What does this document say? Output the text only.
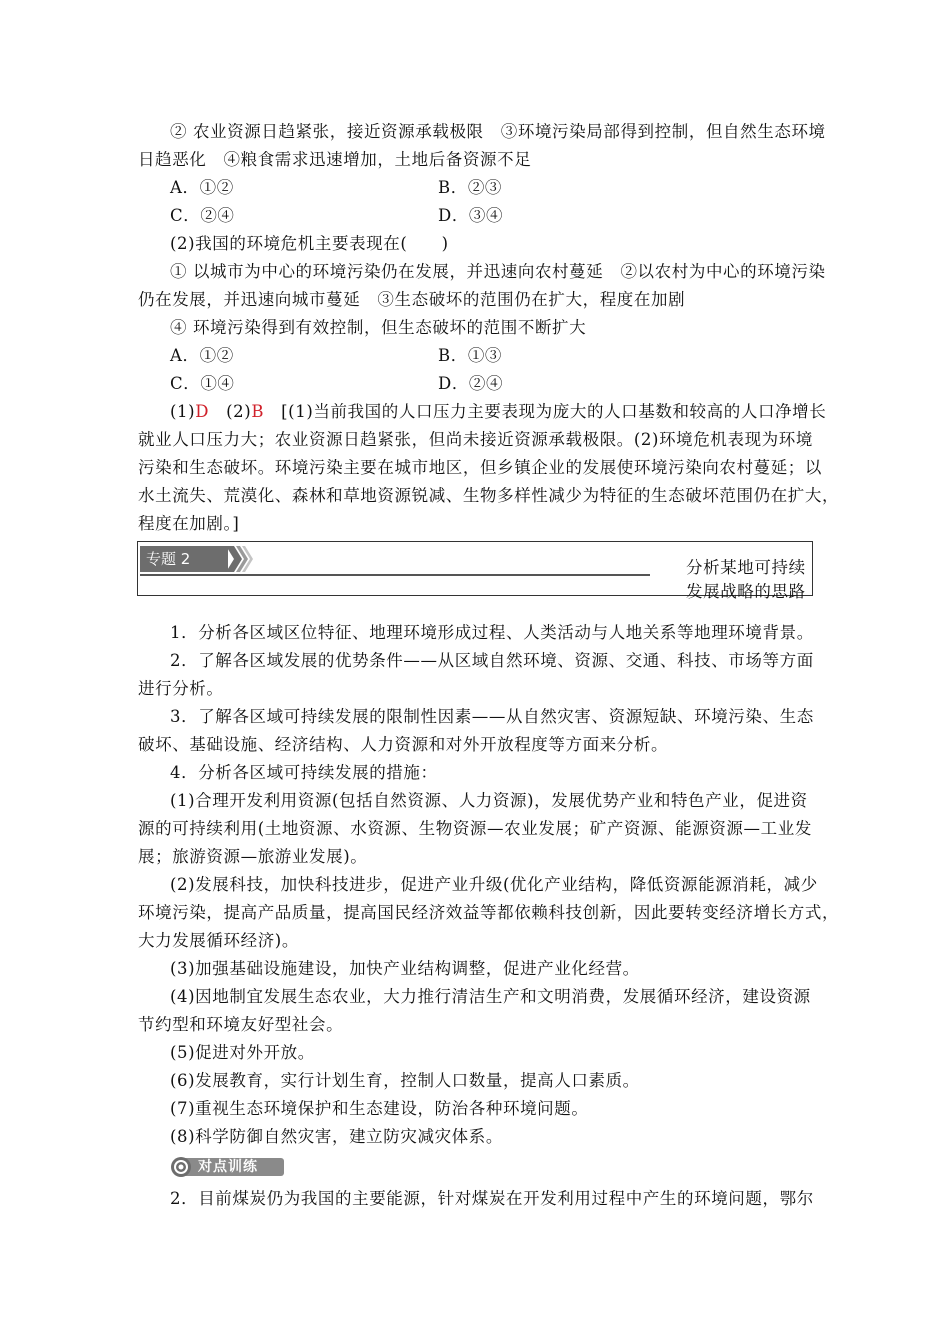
② 农业资源日趋紧张，接近资源承载极限　③环境污染局部得到控制，但自然生态环境
日趋恶化　④粮食需求迅速增加，土地后备资源不足
A．①②	B．②③
C．②④	D．③④
(2)我国的环境危机主要表现在(　　)
① 以城市为中心的环境污染仍在发展，并迅速向农村蔓延　②以农村为中心的环境污染
仍在发展，并迅速向城市蔓延　③生态破坏的范围仍在扩大，程度在加剧
④ 环境污染得到有效控制，但生态破坏的范围不断扩大
A．①②	B．①③
C．①④	D．②④
(1)D　(2)B　[(1)当前我国的人口压力主要表现为庞大的人口基数和较高的人口净增长
就业人口压力大；农业资源日趋紧张，但尚未接近资源承载极限。(2)环境危机表现为环境
污染和生态破坏。环境污染主要在城市地区，但乡镇企业的发展使环境污染向农村蔓延；以
水土流失、荒漠化、森林和草地资源锐减、生物多样性减少为特征的生态破坏范围仍在扩大，
程度在加剧。]
专题 2	分析某地可持续发展战略的思路
1．分析各区域区位特征、地理环境形成过程、人类活动与人地关系等地理环境背景。
2．了解各区域发展的优势条件——从区域自然环境、资源、交通、科技、市场等方面
进行分析。
3．了解各区域可持续发展的限制性因素——从自然灾害、资源短缺、环境污染、生态
破坏、基础设施、经济结构、人力资源和对外开放程度等方面来分析。
4．分析各区域可持续发展的措施：
(1)合理开发利用资源(包括自然资源、人力资源)，发展优势产业和特色产业，促进资
源的可持续利用(土地资源、水资源、生物资源—农业发展；矿产资源、能源资源—工业发
展；旅游资源—旅游业发展)。
(2)发展科技，加快科技进步，促进产业升级(优化产业结构，降低资源能源消耗，减少
环境污染，提高产品质量，提高国民经济效益等都依赖科技创新，因此要转变经济增长方式，
大力发展循环经济)。
(3)加强基础设施建设，加快产业结构调整，促进产业化经营。
(4)因地制宜发展生态农业，大力推行清洁生产和文明消费，发展循环经济，建设资源
节约型和环境友好型社会。
(5)促进对外开放。
(6)发展教育，实行计划生育，控制人口数量，提高人口素质。
(7)重视生态环境保护和生态建设，防治各种环境问题。
(8)科学防御自然灾害，建立防灾减灾体系。
对点训练
2．目前煤炭仍为我国的主要能源，针对煤炭在开发利用过程中产生的环境问题，鄂尔
